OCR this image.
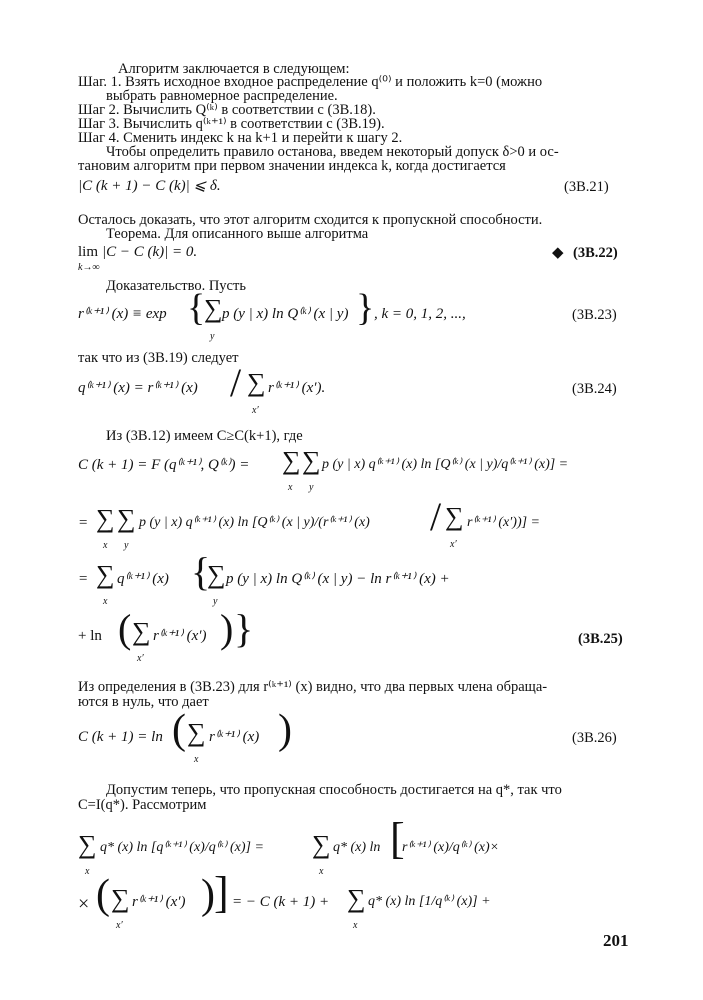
Алгоритм заключается в следующем:
Шаг. 1. Взять исходное входное распределение q⁽⁰⁾ и положить k=0 (можно
выбрать равномерное распределение.
Шаг 2. Вычислить Q⁽ᵏ⁾ в соответствии с (3В.18).
Шаг 3. Вычислить q⁽ᵏ⁺¹⁾ в соответствии с (3В.19).
Шаг 4. Сменить индекс k на k+1 и перейти к шагу 2.
Чтобы определить правило останова, введем некоторый допуск δ>0 и ос-
тановим алгоритм при первом значении индекса k, когда достигается
|C (k + 1) − C (k)| ⩽ δ.	(3В.21)
Осталось доказать, что этот алгоритм сходится к пропускной способности.
Теорема. Для описанного выше алгоритма
lim
k→∞
|C − C (k)| = 0.	◆ (3В.22)
Доказательство. Пусть
r⁽ᵏ⁺¹⁾ (x) ≡ exp {
∑
y
p (y | x) ln Q⁽ᵏ⁾ (x | y) } , k = 0, 1, 2, ...,	(3В.23)
так что из (3В.19) следует
q⁽ᵏ⁺¹⁾ (x) = r⁽ᵏ⁺¹⁾ (x) / ∑
x′
r⁽ᵏ⁺¹⁾ (x′).	(3В.24)
Из (3В.12) имеем C≥C(k+1), где
C (k + 1) = F (q⁽ᵏ⁺¹⁾, Q⁽ᵏ⁾) = ∑
x
∑
y
p (y | x) q⁽ᵏ⁺¹⁾ (x) ln [Q⁽ᵏ⁾ (x | y)/q⁽ᵏ⁺¹⁾ (x)] =
= ∑
x
∑
y
p (y | x) q⁽ᵏ⁺¹⁾ (x) ln [Q⁽ᵏ⁾ (x | y)/(r⁽ᵏ⁺¹⁾ (x) / ∑
x′
r⁽ᵏ⁺¹⁾ (x′))] =
= ∑
x
q⁽ᵏ⁺¹⁾ (x) {
∑
y
p (y | x) ln Q⁽ᵏ⁾ (x | y) − ln r⁽ᵏ⁺¹⁾ (x) +
+ ln ( ∑
x′
r⁽ᵏ⁺¹⁾ (x′) ) }	(3В.25)
Из определения в (3В.23) для r⁽ᵏ⁺¹⁾ (x) видно, что два первых члена обраща-
ются в нуль, что дает
C (k + 1) = ln ( ∑
x
r⁽ᵏ⁺¹⁾ (x) )	(3В.26)
Допустим теперь, что пропускная способность достигается на q*, так что
C=I(q*). Рассмотрим
∑
x
q* (x) ln [q⁽ᵏ⁺¹⁾ (x)/q⁽ᵏ⁾ (x)] = ∑
x
q* (x) ln [
r⁽ᵏ⁺¹⁾ (x)/q⁽ᵏ⁾ (x)×
× ( ∑
x′
r⁽ᵏ⁺¹⁾ (x′) ) ] = − C (k + 1) + ∑
x
q* (x) ln [1/q⁽ᵏ⁾ (x)] +
201
